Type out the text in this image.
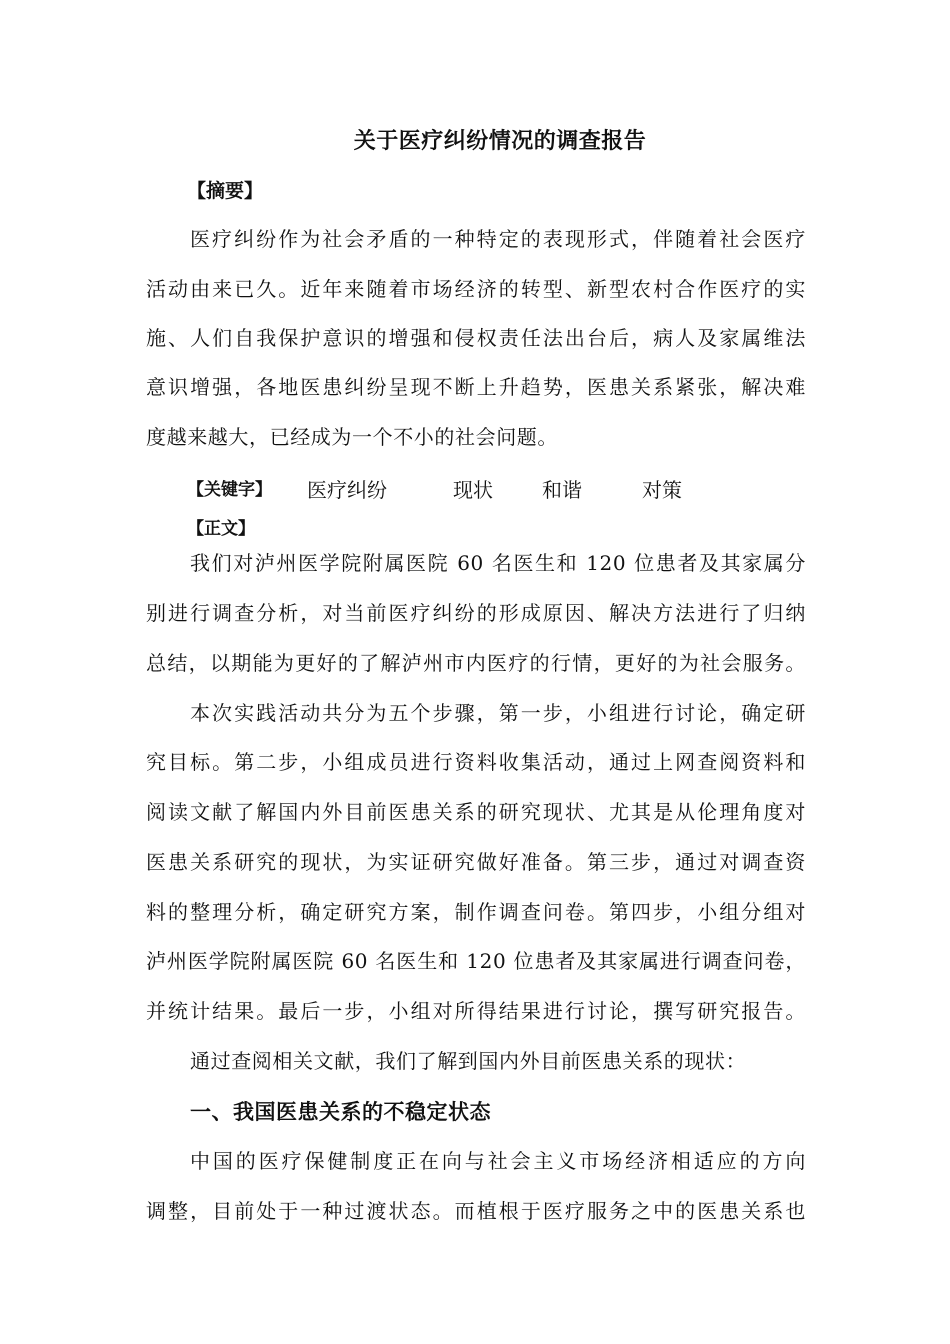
关于医疗纠纷情况的调查报告
【摘要】
医疗纠纷作为社会矛盾的一种特定的表现形式，伴随着社会医疗
活动由来已久。近年来随着市场经济的转型、新型农村合作医疗的实
施、人们自我保护意识的增强和侵权责任法出台后，病人及家属维法
意识增强，各地医患纠纷呈现不断上升趋势，医患关系紧张，解决难
度越来越大，已经成为一个不小的社会问题。
【关键字】 医疗纠纷	现状 和谐	对策
【正文】
我们对泸州医学院附属医院 60 名医生和 120 位患者及其家属分
别进行调查分析，对当前医疗纠纷的形成原因、解决方法进行了归纳
总结，以期能为更好的了解泸州市内医疗的行情，更好的为社会服务。
本次实践活动共分为五个步骤，第一步，小组进行讨论，确定研
究目标。第二步，小组成员进行资料收集活动，通过上网查阅资料和
阅读文献了解国内外目前医患关系的研究现状、尤其是从伦理角度对
医患关系研究的现状，为实证研究做好准备。第三步，通过对调查资
料的整理分析，确定研究方案，制作调查问卷。第四步，小组分组对
泸州医学院附属医院 60 名医生和 120 位患者及其家属进行调查问卷，
并统计结果。最后一步，小组对所得结果进行讨论，撰写研究报告。
通过查阅相关文献，我们了解到国内外目前医患关系的现状：
一、我国医患关系的不稳定状态
中国的医疗保健制度正在向与社会主义市场经济相适应的方向
调整，目前处于一种过渡状态。而植根于医疗服务之中的医患关系也
